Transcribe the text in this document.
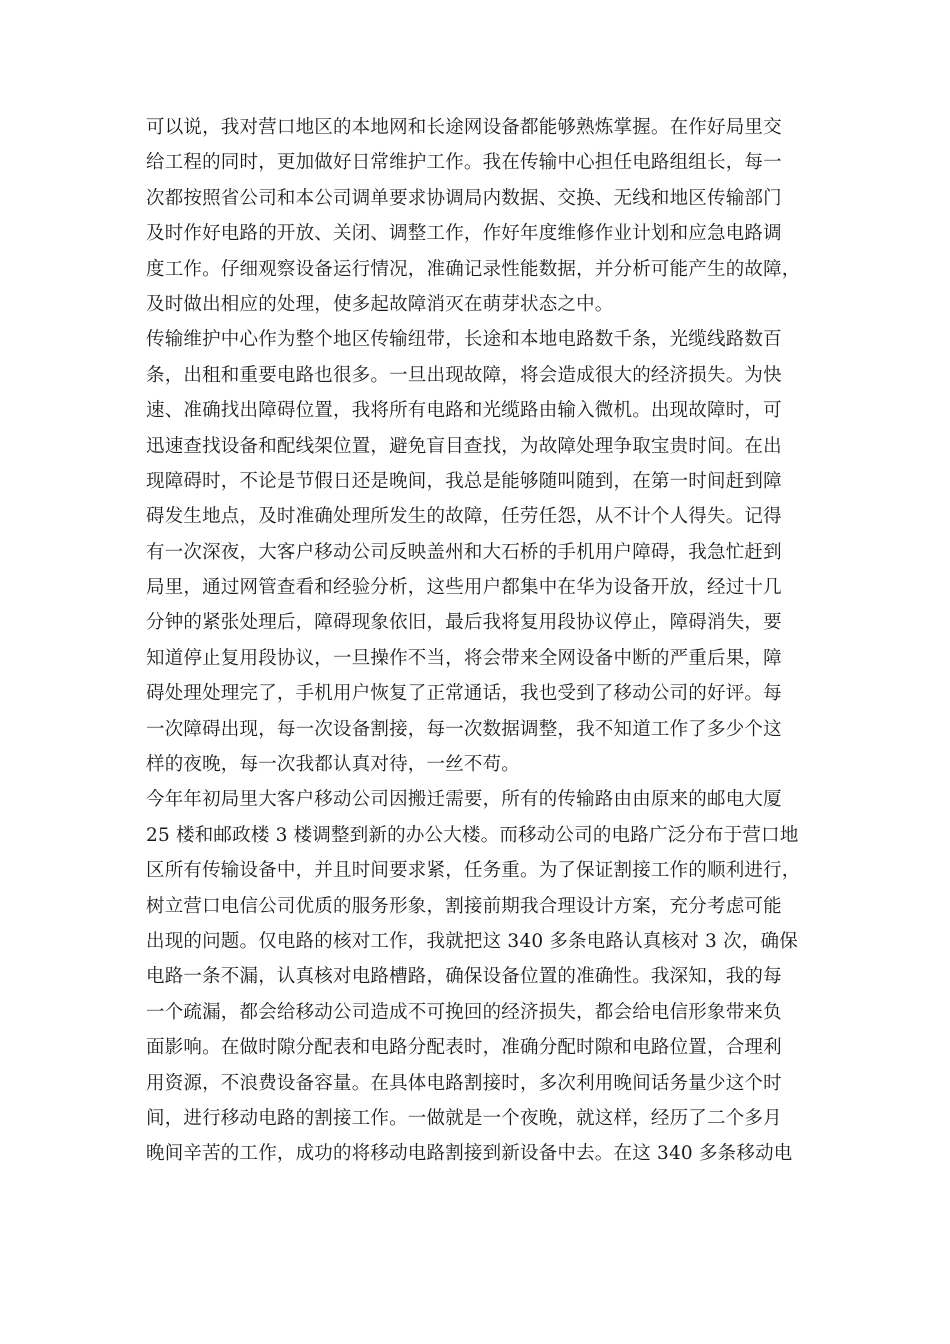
可以说，我对营口地区的本地网和长途网设备都能够熟炼掌握。在作好局里交
给工程的同时，更加做好日常维护工作。我在传输中心担任电路组组长，每一
次都按照省公司和本公司调单要求协调局内数据、交换、无线和地区传输部门
及时作好电路的开放、关闭、调整工作，作好年度维修作业计划和应急电路调
度工作。仔细观察设备运行情况，准确记录性能数据，并分析可能产生的故障，
及时做出相应的处理，使多起故障消灭在萌芽状态之中。
传输维护中心作为整个地区传输纽带，长途和本地电路数千条，光缆线路数百
条，出租和重要电路也很多。一旦出现故障，将会造成很大的经济损失。为快
速、准确找出障碍位置，我将所有电路和光缆路由输入微机。出现故障时，可
迅速查找设备和配线架位置，避免盲目查找，为故障处理争取宝贵时间。在出
现障碍时，不论是节假日还是晚间，我总是能够随叫随到，在第一时间赶到障
碍发生地点，及时准确处理所发生的故障，任劳任怨，从不计个人得失。记得
有一次深夜，大客户移动公司反映盖州和大石桥的手机用户障碍，我急忙赶到
局里，通过网管查看和经验分析，这些用户都集中在华为设备开放，经过十几
分钟的紧张处理后，障碍现象依旧，最后我将复用段协议停止，障碍消失，要
知道停止复用段协议，一旦操作不当，将会带来全网设备中断的严重后果，障
碍处理处理完了，手机用户恢复了正常通话，我也受到了移动公司的好评。每
一次障碍出现，每一次设备割接，每一次数据调整，我不知道工作了多少个这
样的夜晚，每一次我都认真对待，一丝不苟。
今年年初局里大客户移动公司因搬迁需要，所有的传输路由由原来的邮电大厦
25 楼和邮政楼 3 楼调整到新的办公大楼。而移动公司的电路广泛分布于营口地
区所有传输设备中，并且时间要求紧，任务重。为了保证割接工作的顺利进行，
树立营口电信公司优质的服务形象，割接前期我合理设计方案，充分考虑可能
出现的问题。仅电路的核对工作，我就把这 340 多条电路认真核对 3 次，确保
电路一条不漏，认真核对电路槽路，确保设备位置的准确性。我深知，我的每
一个疏漏，都会给移动公司造成不可挽回的经济损失，都会给电信形象带来负
面影响。在做时隙分配表和电路分配表时，准确分配时隙和电路位置，合理利
用资源，不浪费设备容量。在具体电路割接时，多次利用晚间话务量少这个时
间，进行移动电路的割接工作。一做就是一个夜晚，就这样，经历了二个多月
晚间辛苦的工作，成功的将移动电路割接到新设备中去。在这 340 多条移动电
